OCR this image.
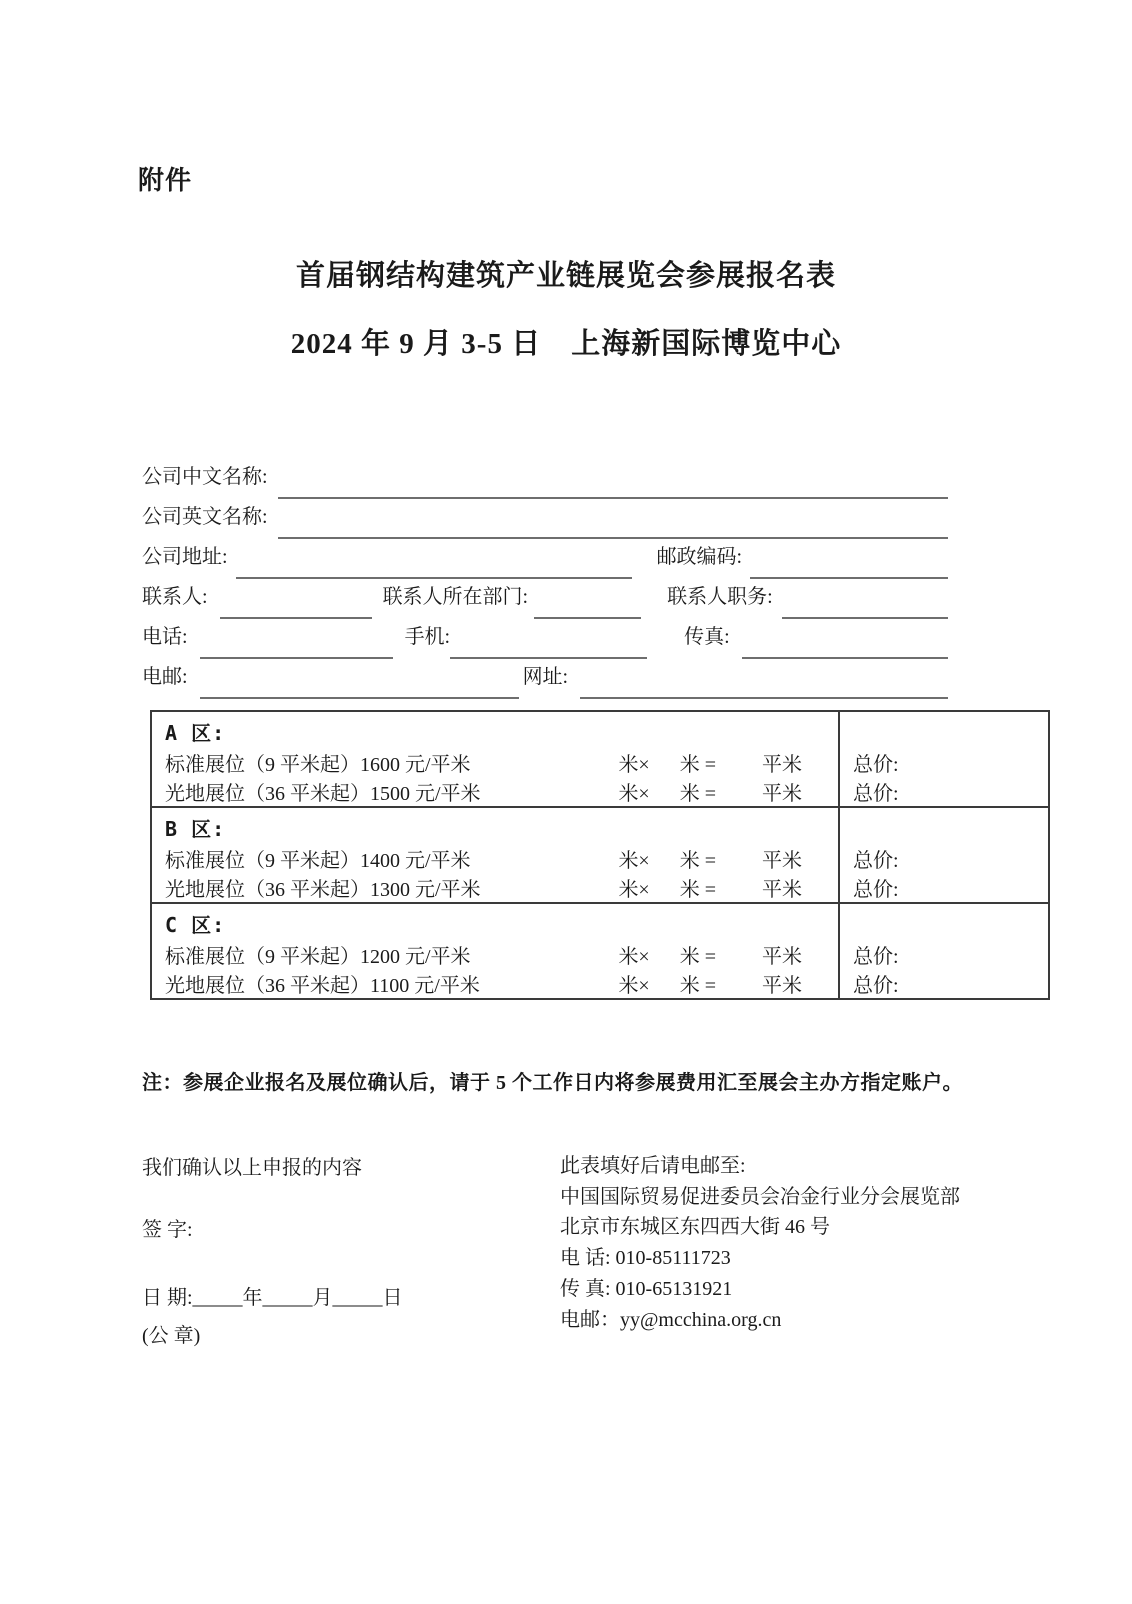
附件
首届钢结构建筑产业链展览会参展报名表
2024 年 9 月 3-5 日 上海新国际博览中心
公司中文名称:
公司英文名称:
公司地址:	邮政编码:
联系人:	联系人所在部门:	联系人职务:
电话:	手机:	传真:
电邮:	网址:
A 区:	

标准展位（9 平米起）1600 元/平米 米× 米 = 平米	总价:

光地展位（36 平米起）1500 元/平米 米× 米 = 平米	总价:
B 区:	

标准展位（9 平米起）1400 元/平米 米× 米 = 平米	总价:

光地展位（36 平米起）1300 元/平米 米× 米 = 平米	总价:
C 区:	

标准展位（9 平米起）1200 元/平米 米× 米 = 平米	总价:

光地展位（36 平米起）1100 元/平米 米× 米 = 平米	总价:
注：参展企业报名及展位确认后，请于 5 个工作日内将参展费用汇至展会主办方指定账户。
我们确认以上申报的内容
签 字:
日 期:_____年_____月_____日
(公 章)
此表填好后请电邮至:
中国国际贸易促进委员会冶金行业分会展览部
北京市东城区东四西大街 46 号
电 话: 010-85111723
传 真: 010-65131921
电邮：yy@mcchina.org.cn
